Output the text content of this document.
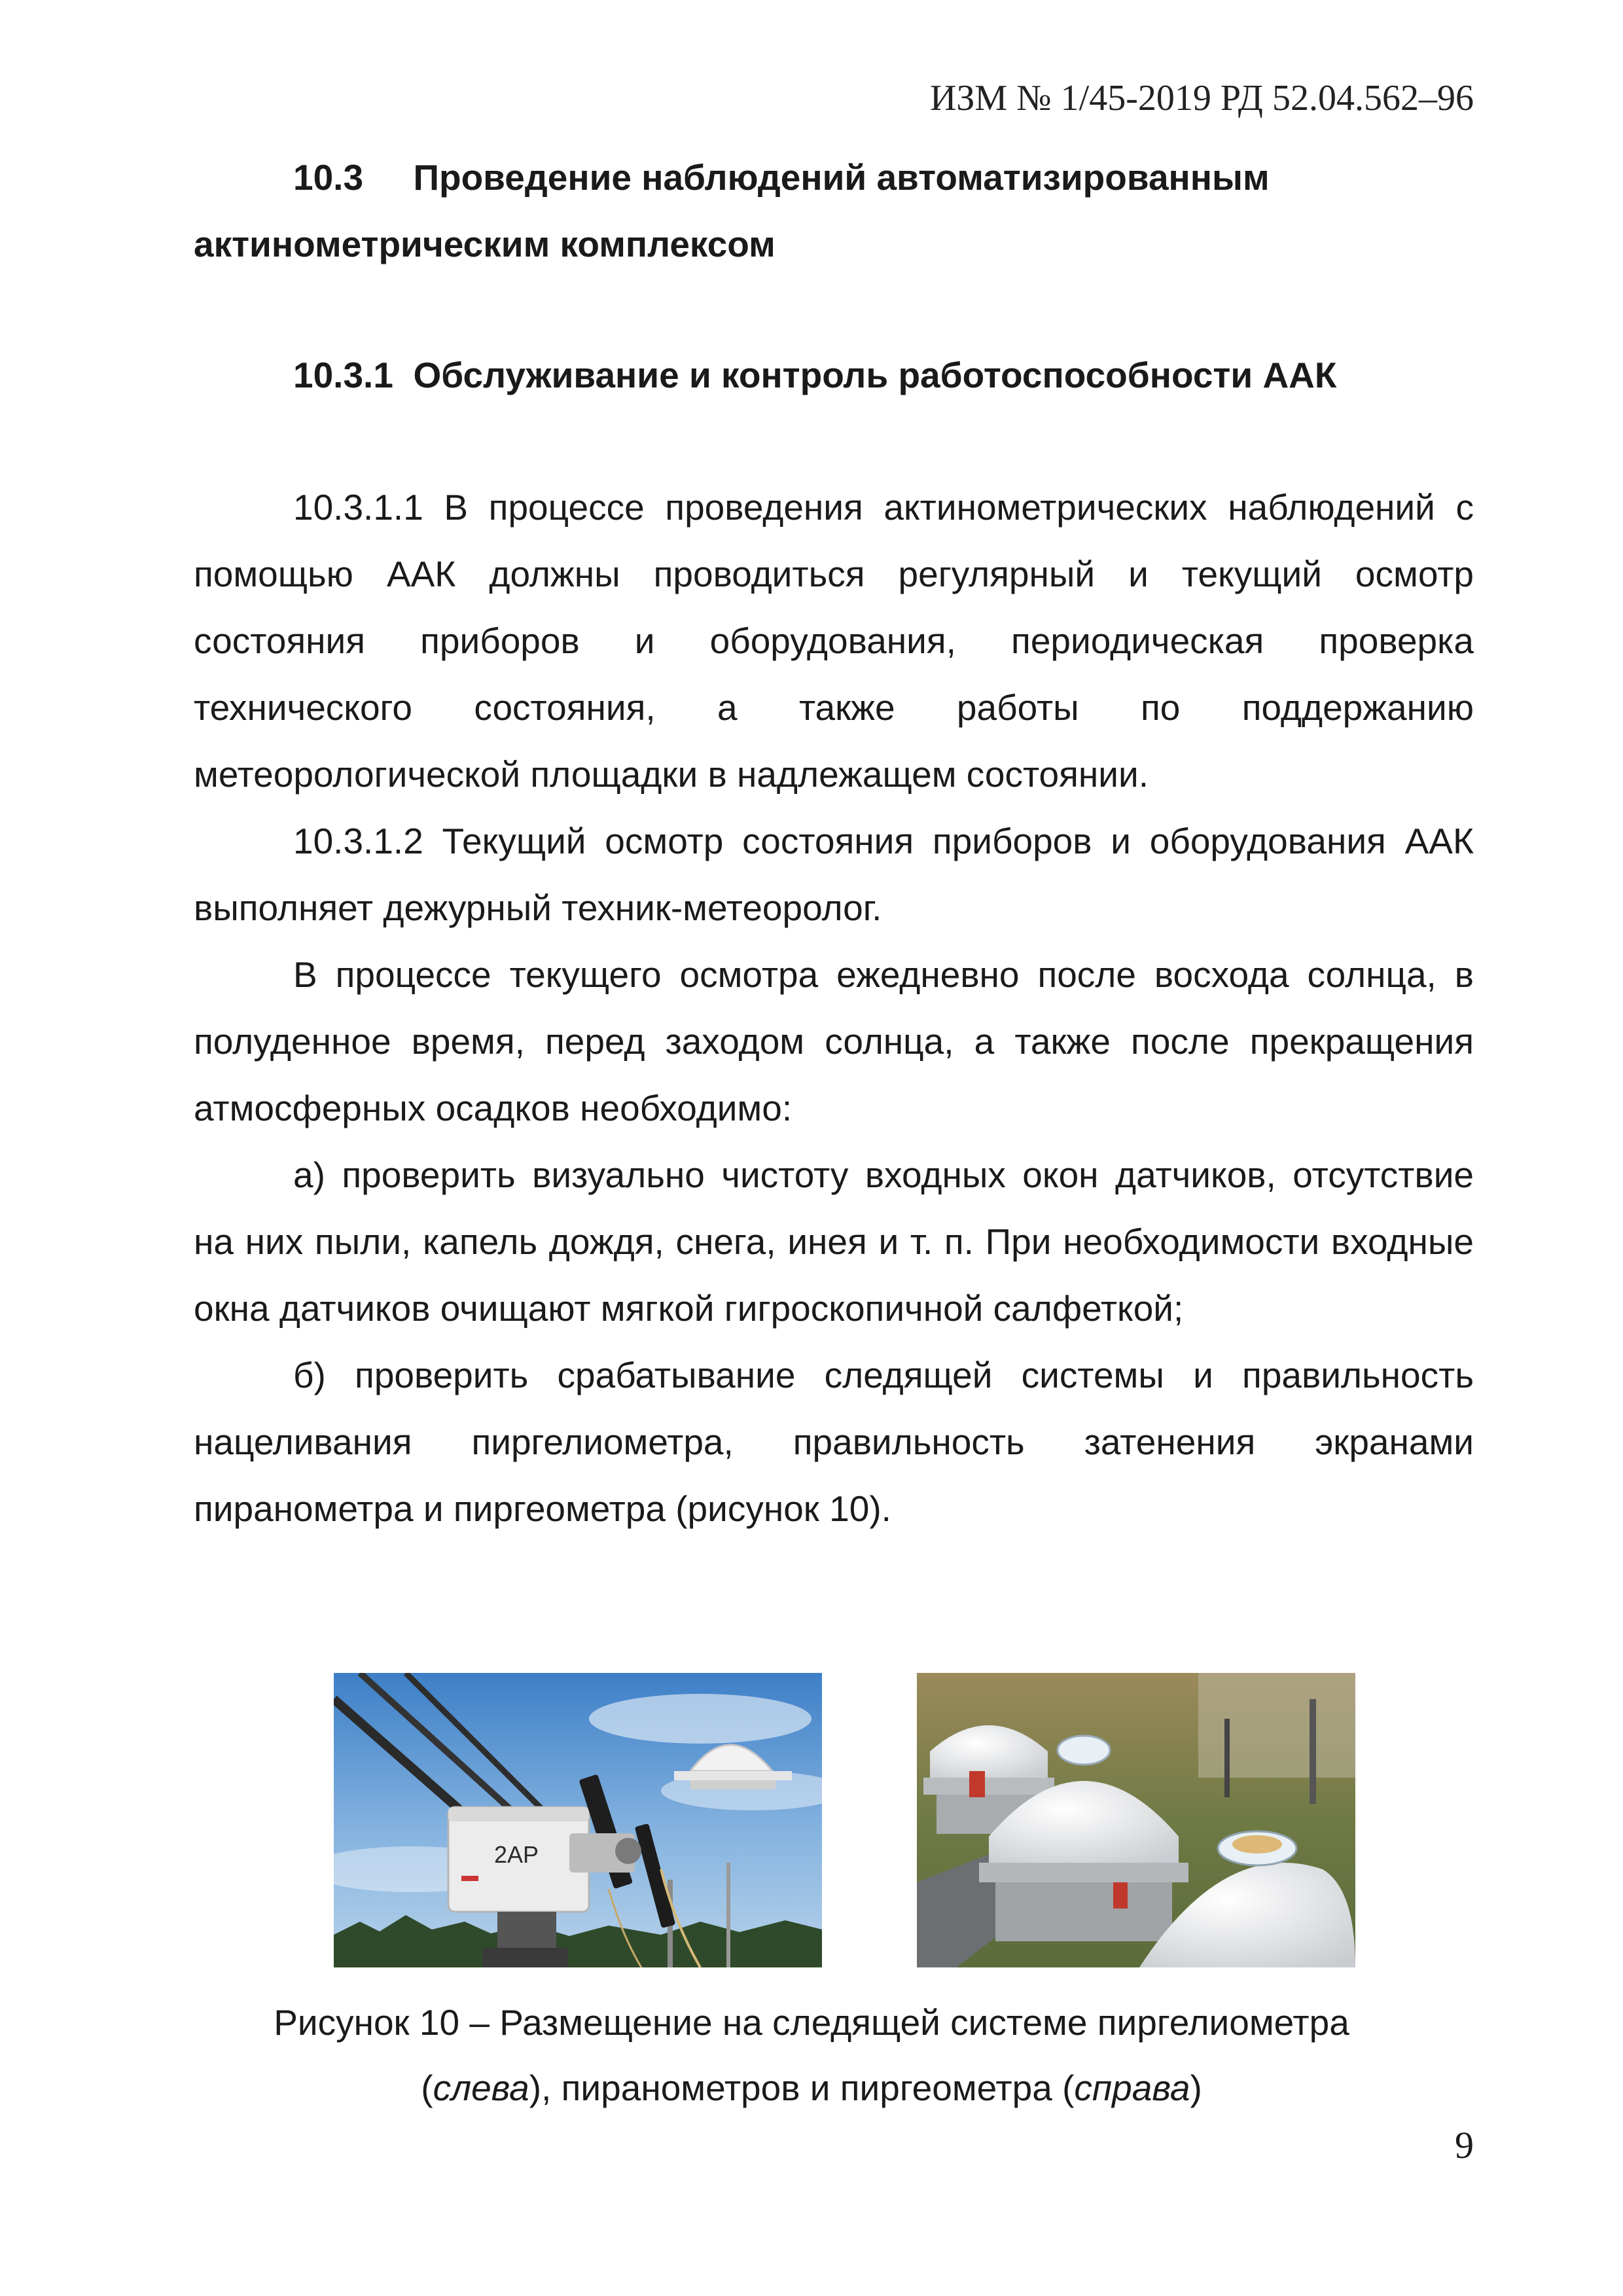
ИЗМ № 1/45-2019 РД 52.04.562–96

10.3 Проведение наблюдений автоматизированным

актинометрическим комплексом

10.3.1 Обслуживание и контроль работоспособности ААК

10.3.1.1 В процессе проведения актинометрических наблюдений с помощью ААК должны проводиться регулярный и текущий осмотр состояния приборов и оборудования, периодическая проверка технического состояния, а также работы по поддержанию метеорологической площадки в надлежащем состоянии.

10.3.1.2 Текущий осмотр состояния приборов и оборудования ААК выполняет дежурный техник-метеоролог.

В процессе текущего осмотра ежедневно после восхода солнца, в полуденное время, перед заходом солнца, а также после прекращения атмосферных осадков необходимо:

а) проверить визуально чистоту входных окон датчиков, отсутствие на них пыли, капель дождя, снега, инея и т. п. При необходимости входные окна датчиков очищают мягкой гигроскопичной салфеткой;

б) проверить срабатывание следящей системы и правильность нацеливания пиргелиометра, правильность затенения экранами пиранометра и пиргеометра (рисунок 10).

2AP
Рисунок 10 – Размещение на следящей системе пиргелиометра
(слева), пиранометров и пиргеометра (справа)
9
